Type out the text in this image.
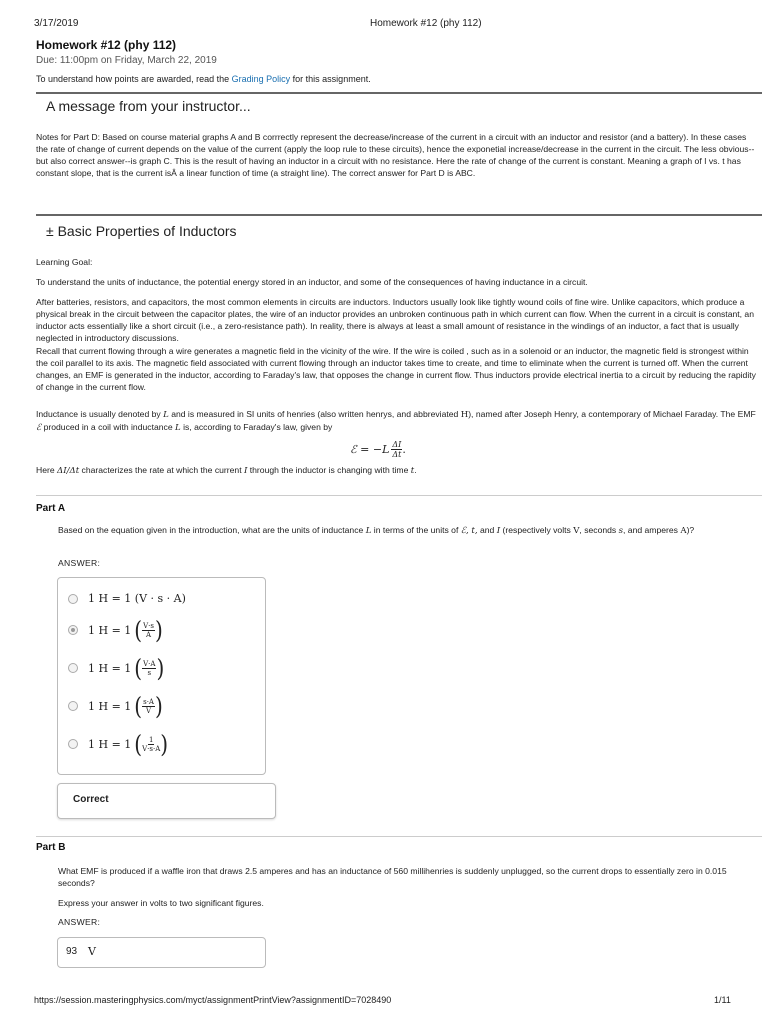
3/17/2019	Homework #12 (phy 112)
Homework #12 (phy 112)
Due: 11:00pm on Friday, March 22, 2019
To understand how points are awarded, read the Grading Policy for this assignment.
A message from your instructor...
Notes for Part D: Based on course material graphs A and B corrrectly represent the decrease/increase of the current in a circuit with an inductor and resistor (and a battery). In these cases the rate of change of current depends on the value of the current (apply the loop rule to these circuits), hence the exponetial increase/decrease in the current in the circuit. The less obvious--but also correct answer--is graph C. This is the result of having an inductor in a circuit with no resistance. Here the rate of change of the current is constant. Meaning a graph of I vs. t has constant slope, that is the current isÂ a linear function of time (a straight line). The correct answer for Part D is ABC.
± Basic Properties of Inductors
Learning Goal:
To understand the units of inductance, the potential energy stored in an inductor, and some of the consequences of having inductance in a circuit.
After batteries, resistors, and capacitors, the most common elements in circuits are inductors. Inductors usually look like tightly wound coils of fine wire. Unlike capacitors, which produce a physical break in the circuit between the capacitor plates, the wire of an inductor provides an unbroken continuous path in which current can flow. When the current in a circuit is constant, an inductor acts essentially like a short circuit (i.e., a zero-resistance path). In reality, there is always at least a small amount of resistance in the windings of an inductor, a fact that is usually neglected in introductory discussions.
Recall that current flowing through a wire generates a magnetic field in the vicinity of the wire. If the wire is coiled , such as in a solenoid or an inductor, the magnetic field is strongest within the coil parallel to its axis. The magnetic field associated with current flowing through an inductor takes time to create, and time to eliminate when the current is turned off. When the current changes, an EMF is generated in the inductor, according to Faraday's law, that opposes the change in current flow. Thus inductors provide electrical inertia to a circuit by reducing the rapidity of change in the current flow.
Inductance is usually denoted by L and is measured in SI units of henries (also written henrys, and abbreviated H), named after Joseph Henry, a contemporary of Michael Faraday. The EMF ℰ produced in a coil with inductance L is, according to Faraday's law, given by
ℰ = $-L \frac{\Delta I}{\Delta t}$ .
Here ΔI/Δt characterizes the rate at which the current I through the inductor is changing with time t.
Part A
Based on the equation given in the introduction, what are the units of inductance L in terms of the units of ℰ, t, and I (respectively volts V, seconds s, and amperes A)?
ANSWER:
1 H = 1 (V · s · A)
1 H = 1 ( $\frac{V\cdot s}{A}$ )
1 H = 1 ( $\frac{V\cdot A}{s}$ )
1 H = 1 ( $\frac{s\cdot A}{V}$ )
1 H = 1 ( $\frac{1}{V\cdot s\cdot A}$ )
Correct
Part B
What EMF is produced if a waffle iron that draws 2.5 amperes and has an inductance of 560 millihenries is suddenly unplugged, so the current drops to essentially zero in 0.015 seconds?
Express your answer in volts to two significant figures.
ANSWER:
93 V
https://session.masteringphysics.com/myct/assignmentPrintView?assignmentID=7028490	1/11
